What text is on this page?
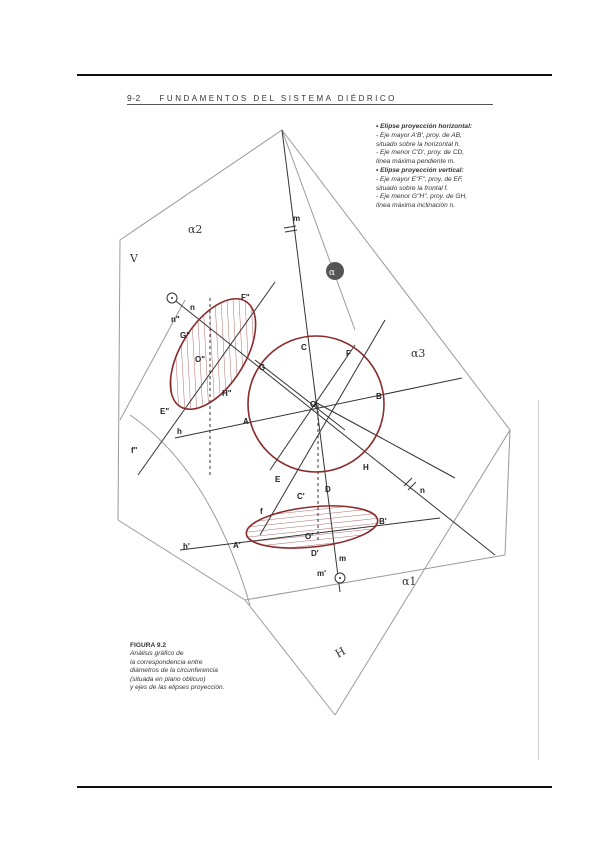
9-2 FUNDAMENTOS DEL SISTEMA DIÉDRICO
• Elipse proyección horizontal:
- Eje mayor A'B', proy. de AB,
situado sobre la horizontal h.
- Eje menor C'D', proy. de CD,
línea máxima pendiente m.
• Elipse proyección vertical:
- Eje mayor E"F", proy. de EF,
situado sobre la frontal f.
- Eje menor G"H", proy. de GH,
línea máxima inclinación n.
α
α2
α3
α1
V
H
m
n
n"
G"
F"
O"
H"
E"
f"
h
C
F
G
O
A
B
E
H
D
f
C'
B'
A'
O'
D'
h'
m
m'
n
FIGURA 9.2
Análisis gráfico de
la correspondencia entre
diámetros de la circunferencia
(situada en plano oblicuo)
y ejes de las elipses proyección.
